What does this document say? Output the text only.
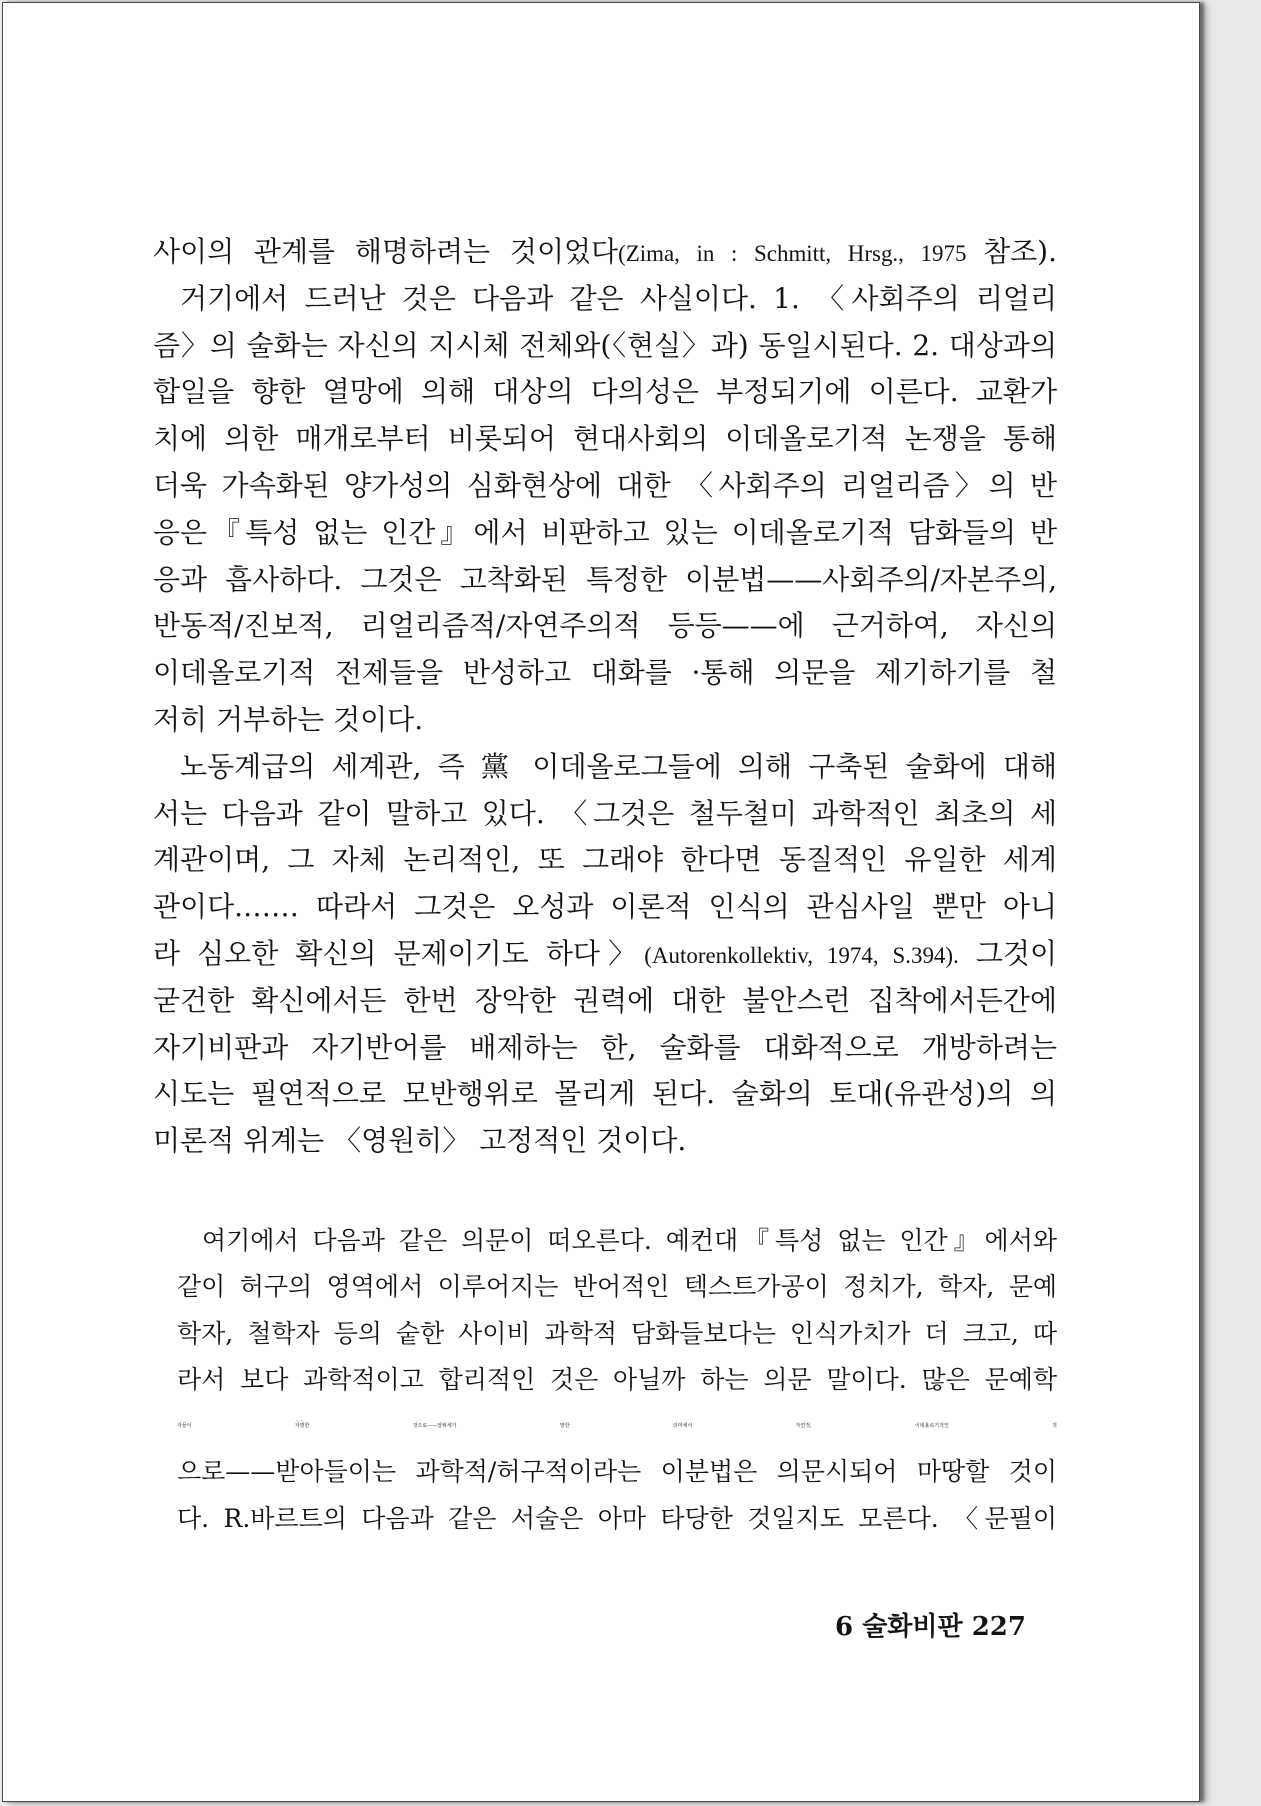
사이의 관계를 해명하려는 것이었다(Zima, in : Schmitt, Hrsg., 1975 참조).
거기에서 드러난 것은 다음과 같은 사실이다. 1. 〈사회주의 리얼리
즘〉의 술화는 자신의 지시체 전체와(〈현실〉과) 동일시된다. 2. 대상과의
합일을 향한 열망에 의해 대상의 다의성은 부정되기에 이른다. 교환가
치에 의한 매개로부터 비롯되어 현대사회의 이데올로기적 논쟁을 통해
더욱 가속화된 양가성의 심화현상에 대한 〈사회주의 리얼리즘〉의 반
응은『특성 없는 인간』에서 비판하고 있는 이데올로기적 담화들의 반
응과 흡사하다. 그것은 고착화된 특정한 이분법——사회주의/자본주의,
반동적/진보적, 리얼리즘적/자연주의적 등등——에 근거하여, 자신의
이데올로기적 전제들을 반성하고 대화를 ·통해 의문을 제기하기를 철
저히 거부하는 것이다.
노동계급의 세계관, 즉 黨 이데올로그들에 의해 구축된 술화에 대해
서는 다음과 같이 말하고 있다. 〈그것은 철두철미 과학적인 최초의 세
계관이며, 그 자체 논리적인, 또 그래야 한다면 동질적인 유일한 세계
관이다.…… 따라서 그것은 오성과 이론적 인식의 관심사일 뿐만 아니
라 심오한 확신의 문제이기도 하다〉(Autorenkollektiv, 1974, S.394). 그것이
굳건한 확신에서든 한번 장악한 권력에 대한 불안스런 집착에서든간에
자기비판과 자기반어를 배제하는 한, 술화를 대화적으로 개방하려는
시도는 필연적으로 모반행위로 몰리게 된다. 술화의 토대(유관성)의 의
미론적 위계는 〈영원히〉 고정적인 것이다.
여기에서 다음과 같은 의문이 떠오른다. 예컨대『특성 없는 인간』에서와
같이 허구의 영역에서 이루어지는 반어적인 텍스트가공이 정치가, 학자, 문예
학자, 철학자 등의 숱한 사이비 과학적 담화들보다는 인식가치가 더 크고, 따
라서 보다 과학적이고 합리적인 것은 아닐까 하는 의문 말이다. 많은 문예학
자들이 자명한 것으로——알튀세가 말한 의미에서 자연적, 이데올로기적인 것
으로——받아들이는 과학적/허구적이라는 이분법은 의문시되어 마땅할 것이
다. R.바르트의 다음과 같은 서술은 아마 타당한 것일지도 모른다. 〈문필이
6 술화비판 227
